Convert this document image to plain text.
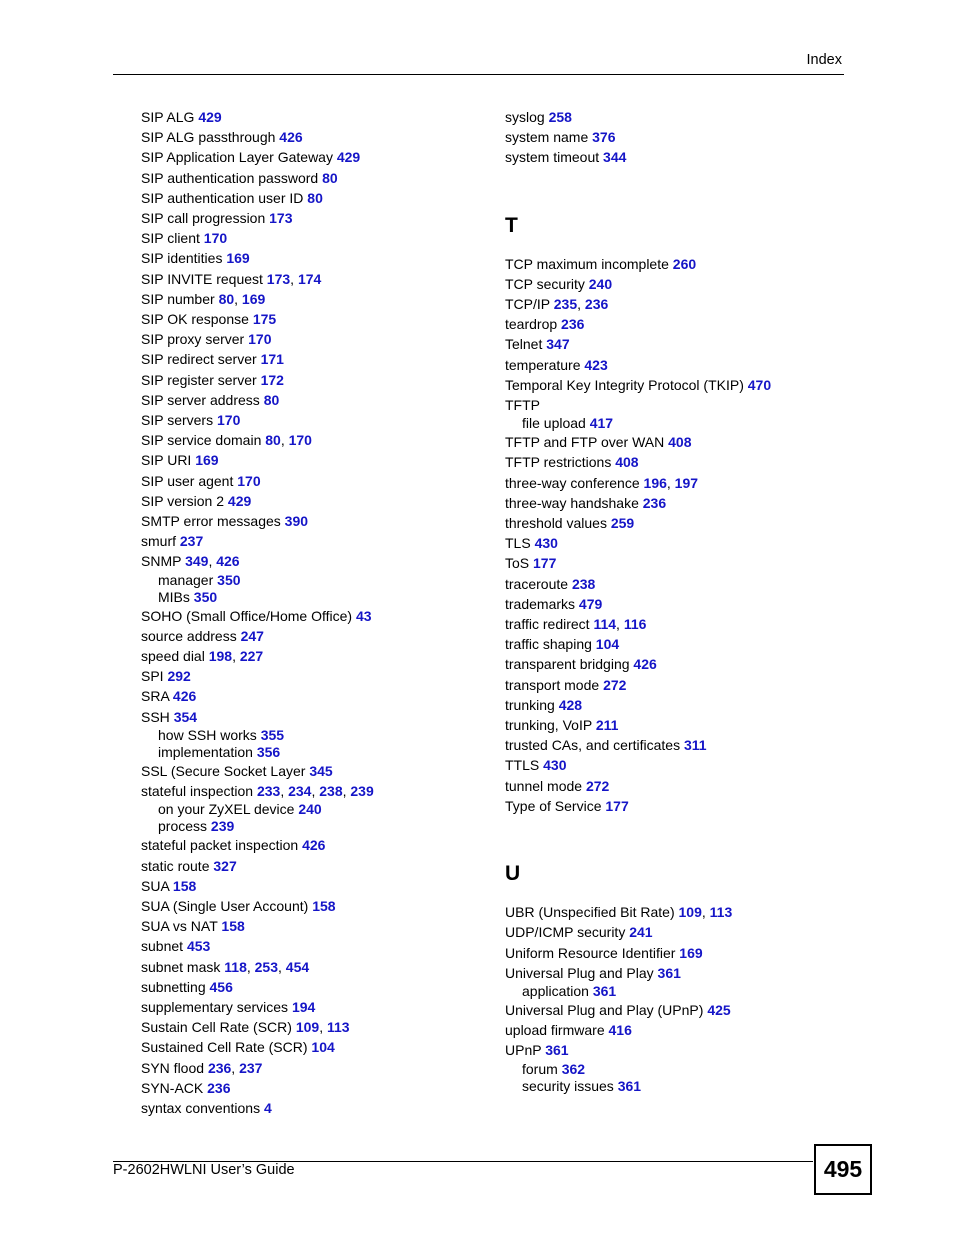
Index
SIP ALG 429
SIP ALG passthrough 426
SIP Application Layer Gateway 429
SIP authentication password 80
SIP authentication user ID 80
SIP call progression 173
SIP client 170
SIP identities 169
SIP INVITE request 173, 174
SIP number 80, 169
SIP OK response 175
SIP proxy server 170
SIP redirect server 171
SIP register server 172
SIP server address 80
SIP servers 170
SIP service domain 80, 170
SIP URI 169
SIP user agent 170
SIP version 2 429
SMTP error messages 390
smurf 237
SNMP 349, 426
manager 350
MIBs 350
SOHO (Small Office/Home Office) 43
source address 247
speed dial 198, 227
SPI 292
SRA 426
SSH 354
how SSH works 355
implementation 356
SSL (Secure Socket Layer 345
stateful inspection 233, 234, 238, 239
on your ZyXEL device 240
process 239
stateful packet inspection 426
static route 327
SUA 158
SUA (Single User Account) 158
SUA vs NAT 158
subnet 453
subnet mask 118, 253, 454
subnetting 456
supplementary services 194
Sustain Cell Rate (SCR) 109, 113
Sustained Cell Rate (SCR) 104
SYN flood 236, 237
SYN-ACK 236
syntax conventions 4
syslog 258
system name 376
system timeout 344
T
TCP maximum incomplete 260
TCP security 240
TCP/IP 235, 236
teardrop 236
Telnet 347
temperature 423
Temporal Key Integrity Protocol (TKIP) 470
TFTP
file upload 417
TFTP and FTP over WAN 408
TFTP restrictions 408
three-way conference 196, 197
three-way handshake 236
threshold values 259
TLS 430
ToS 177
traceroute 238
trademarks 479
traffic redirect 114, 116
traffic shaping 104
transparent bridging 426
transport mode 272
trunking 428
trunking, VoIP 211
trusted CAs, and certificates 311
TTLS 430
tunnel mode 272
Type of Service 177
U
UBR (Unspecified Bit Rate) 109, 113
UDP/ICMP security 241
Uniform Resource Identifier 169
Universal Plug and Play 361
application 361
Universal Plug and Play (UPnP) 425
upload firmware 416
UPnP 361
forum 362
security issues 361
P-2602HWLNI User’s Guide	495
